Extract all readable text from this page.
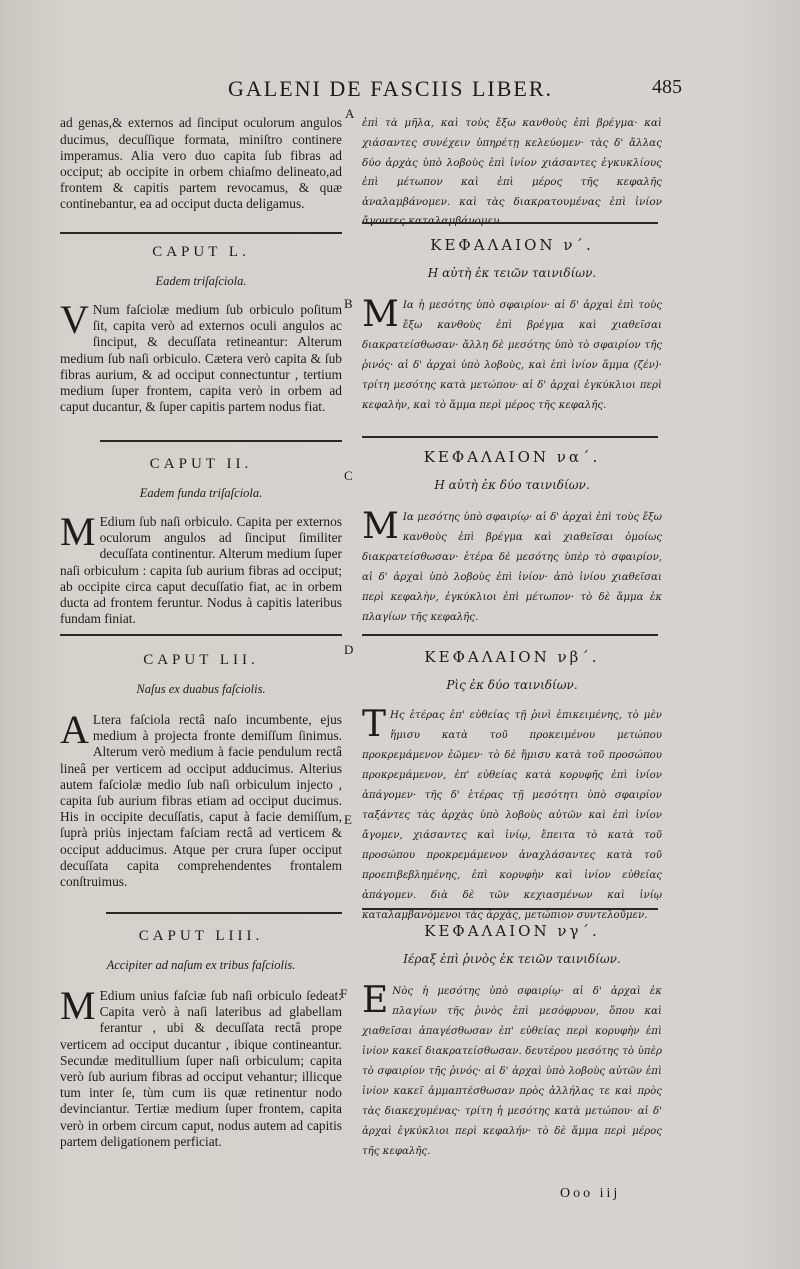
GALENI DE FASCIIS LIBER.	485

ad genas,& externos ad ſinciput oculorum angulos ducimus, decuſſique formata, miniſtro continere imperamus. Alia vero duo capita ſub fibras ad occiput; ab occipite in orbem chiaſmo delineato,ad frontem & capitis partem revocamus, & quæ continebantur, ea ad occiput ducta deligamus.

CAPUT L.
Eadem triſaſciola.
V Num faſciolæ medium ſub orbiculo poſitum ſit, capita verò ad externos oculi angulos ac ſinciput, & decuſſata retineantur: Alterum medium ſub naſi orbiculo. Cætera verò capita & ſub fibras aurium, & ad occiput connectuntur , tertium medium ſuper frontem, capita verò in orbem ad caput ducantur, & ſuper capitis partem nodus fiat.
CAPUT II.
Eadem funda triſaſciola.
M Edium ſub naſi orbiculo. Capita per externos oculorum angulos ad ſinciput ſimiliter decuſſata continentur. Alterum medium ſuper naſi orbiculum : capita ſub aurium fibras ad occiput; ab occipite circa caput decuſſatio fiat, ac in orbem ducta ad frontem feruntur. Nodus à capitis lateribus fundam finiat.
CAPUT LII.
Naſus ex duabus faſciolis.
A Ltera faſciola rectâ naſo incumbente, ejus medium à projecta fronte demiſſum ſinimus. Alterum verò medium à facie pendulum rectâ lineâ per verticem ad occiput adducimus. Alterius autem faſciolæ medio ſub naſi orbiculum injecto , capita ſub aurium fibras etiam ad occiput ducimus. His in occipite decuſſatis, caput à facie demiſſum, ſuprà priùs injectam faſciam rectâ ad verticem & occiput adducimus. Atque per crura ſuper occiput decuſſata capita comprehendentes frontalem conſtruimus.
CAPUT LIII.
Accipiter ad naſum ex tribus faſciolis.
M Edium unius faſciæ ſub naſi orbiculo ſedeat: Capita verò à naſi lateribus ad glabellam ferantur , ubi & decuſſata rectâ prope verticem ad occiput ducantur , ibique contineantur. Secundæ meditullium ſuper naſi orbiculum; capita verò ſub aurium fibras ad occiput vehantur; illicque tum inter ſe, tùm cum iis quæ retinentur nodo devinciantur. Tertiæ medium ſuper frontem, capita verò in orbem circum caput, nodus autem ad capitis partem deligationem perficiat.
A
B
C
D
E
F

ἐπὶ τὰ μῆλα, καὶ τοὺς ἔξω κανθοὺς ἐπὶ βρέγμα· καὶ χιάσαντες συνέχειν ὑπηρέτῃ κελεύομεν· τὰς δ' ἄλλας δύο ἀρχὰς ὑπὸ λοβοὺς ἐπὶ ἰνίον χιάσαντες ἐγκυκλίους ἐπὶ μέτωπον καὶ ἐπὶ μέρος τῆς κεφαλῆς ἀναλαμβάνομεν. καὶ τὰς διακρατουμένας ἐπὶ ἰνίον

ΚΕΦΑΛΑΙΟΝ ν΄.
Η αὐτὴ ἐκ τειῶν ταινιδίων.
Μ Ια ἡ μεσότης ὑπὸ σφαιρίον· αἱ δ' ἀρχαὶ ἐπὶ τοὺς ἔξω κανθοὺς ἐπὶ βρέγμα καὶ χιαθεῖσαι διακρατείσθωσαν· ἄλλη δὲ μεσότης ὑπὸ τὸ σφαιρίον τῆς ῥινός· αἱ δ' ἀρχαὶ ὑπὸ λοβοὺς, καὶ ἐπὶ ἰνίον ἅμμα (ζέν)· τρίτη μεσότης κατὰ μετώπου· αἱ δ' ἀρχαὶ ἐγκύκλιοι περὶ κεφαλὴν, καὶ τὸ ἅμμα περὶ μέρος τῆς κεφαλῆς.
ΚΕΦΑΛΑΙΟΝ να΄.
Η αὐτὴ ἐκ δύο ταινιδίων.
Μ Ια μεσότης ὑπὸ σφαιρίῳ· αἱ δ' ἀρχαὶ ἐπὶ τοὺς ἔξω κανθοὺς ἐπὶ βρέγμα καὶ χιαθεῖσαι ὁμοίως διακρατείσθωσαν· ἑτέρα δὲ μεσότης ὑπὲρ τὸ σφαιρίον, αἱ δ' ἀρχαὶ ὑπὸ λοβοὺς ἐπὶ ἰνίον· ἀπὸ ἰνίου χιαθεῖσαι περὶ κεφαλὴν, ἐγκύκλιοι ἐπὶ μέτωπον· τὸ δὲ ἅμμα ἐκ πλαγίων τῆς κεφαλῆς.
ΚΕΦΑΛΑΙΟΝ νβ΄.
Ρὶς ἐκ δύο ταινιδίων.
Τ Ης ἑτέρας ἐπ' εὐθείας τῇ ῥινὶ ἐπικειμένης, τὸ μὲν ἥμισυ κατὰ τοῦ προκειμένου μετώπου προκρεμάμενον ἐῶμεν· τὸ δὲ ἥμισυ κατὰ τοῦ προσώπου προκρεμάμενον, ἐπ' εὐθείας κατὰ κορυφῆς ἐπὶ ἰνίον ἀπάγομεν· τῆς δ' ἑτέρας τῇ μεσότητι ὑπὸ σφαιρίον ταξάντες τὰς ἀρχὰς ὑπὸ λοβοὺς αὐτῶν καὶ ἐπὶ ἰνίον ἄγομεν, χιάσαντες καὶ ἰνίῳ, ἔπειτα τὸ κατὰ τοῦ προσώπου προκρεμάμενον ἀναχλάσαντες κατὰ τοῦ προεπιβεβλημένης, ἐπὶ κορυφὴν καὶ ἰνίον εὐθείας ἀπάγομεν. διὰ δὲ τῶν κεχιασμένων καὶ ἰνίῳ καταλαμβανόμενοι τὰς ἀρχὰς, μετώπιον συντελοῦμεν.
ΚΕΦΑΛΑΙΟΝ νγ΄.
Ιέραξ ἐπὶ ῥινὸς ἐκ τειῶν ταινιδίων.
Ε Νὸς ἡ μεσότης ὑπὸ σφαιρίῳ· αἱ δ' ἀρχαὶ ἐκ πλαγίων τῆς ῥινὸς ἐπὶ μεσόφρυον, ὅπου καὶ χιαθεῖσαι ἀπαγέσθωσαν ἐπ' εὐθείας περὶ κορυφὴν ἐπὶ ἰνίον κακεῖ διακρατείσθωσαν. δευτέρου μεσότης τὸ ὑπὲρ τὸ σφαιρίον τῆς ῥινός· αἱ δ' ἀρχαὶ ὑπὸ λοβοὺς αὐτῶν ἐπὶ ἰνίον κακεῖ ἀμμαπτέσθωσαν πρὸς ἀλλήλας τε καὶ πρὸς τὰς διακεχυμένας· τρίτη ἡ μεσότης κατὰ μετώπου· αἱ δ' ἀρχαὶ ἐγκύκλιοι περὶ κεφαλήν· τὸ δὲ ἅμμα περὶ μέρος τῆς κεφαλῆς.
Ooo iij
